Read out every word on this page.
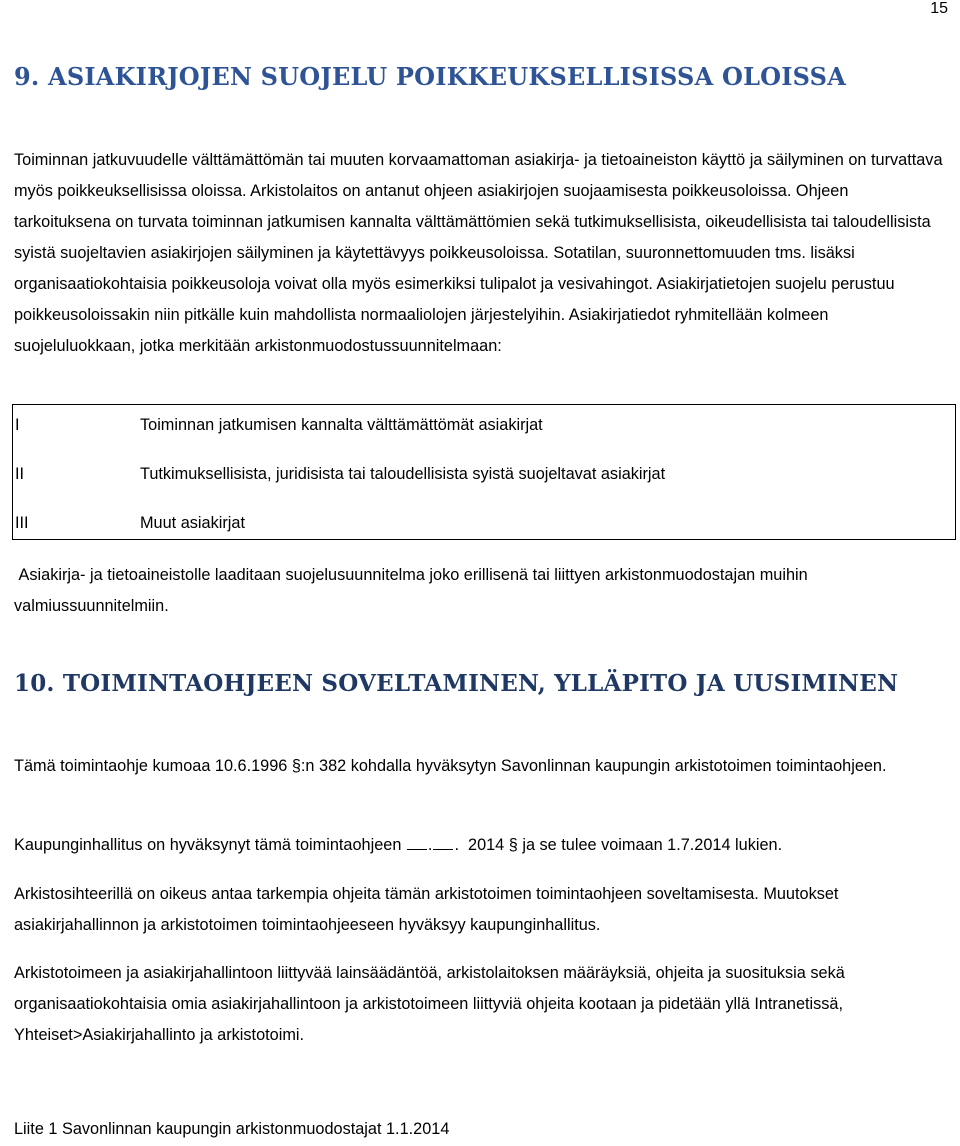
15
9. ASIAKIRJOJEN SUOJELU POIKKEUKSELLISISSA OLOISSA

Toiminnan jatkuvuudelle välttämättömän tai muuten korvaamattoman asiakirja- ja tietoaineiston käyttö ja säilyminen on turvattava myös poikkeuksellisissa oloissa. Arkistolaitos on antanut ohjeen asiakirjojen suojaamisesta poikkeusoloissa. Ohjeen tarkoituksena on turvata toiminnan jatkumisen kannalta välttämättömien sekä tutkimuksellisista, oikeudellisista tai taloudellisista syistä suojeltavien asiakirjojen säilyminen ja käytettävyys poikkeusoloissa. Sotatilan, suuronnettomuuden tms. lisäksi organisaatiokohtaisia poikkeusoloja voivat olla myös esimerkiksi tulipalot ja vesivahingot. Asiakirjatietojen suojelu perustuu poikkeusoloissakin niin pitkälle kuin mahdollista normaaliolojen järjestelyihin. Asiakirjatiedot ryhmitellään kolmeen suojeluluokkaan, jotka merkitään arkistonmuodostussuunnitelmaan:

I	Toiminnan jatkumisen kannalta välttämättömät asiakirjat
II	Tutkimuksellisista, juridisista tai taloudellisista syistä suojeltavat asiakirjat
III	Muut asiakirjat

Asiakirja- ja tietoaineistolle laaditaan suojelusuunnitelma joko erillisenä tai liittyen arkistonmuodostajan muihin valmiussuunnitelmiin.

10. TOIMINTAOHJEEN SOVELTAMINEN, YLLÄPITO JA UUSIMINEN

Tämä toimintaohje kumoaa 10.6.1996 §:n 382 kohdalla hyväksytyn Savonlinnan kaupungin arkistotoimen toimintaohjeen.

Kaupunginhallitus on hyväksynyt tämä toimintaohjeen . .  2014 § ja se tulee voimaan 1.7.2014 lukien.

Arkistosihteerillä on oikeus antaa tarkempia ohjeita tämän arkistotoimen toimintaohjeen soveltamisesta. Muutokset asiakirjahallinnon ja arkistotoimen toimintaohjeeseen hyväksyy kaupunginhallitus.

Arkistotoimeen ja asiakirjahallintoon liittyvää lainsäädäntöä, arkistolaitoksen määräyksiä, ohjeita ja suosituksia sekä organisaatiokohtaisia omia asiakirjahallintoon ja arkistotoimeen liittyviä ohjeita kootaan ja pidetään yllä Intranetissä, Yhteiset>Asiakirjahallinto ja arkistotoimi.

Liite 1 Savonlinnan kaupungin arkistonmuodostajat 1.1.2014
